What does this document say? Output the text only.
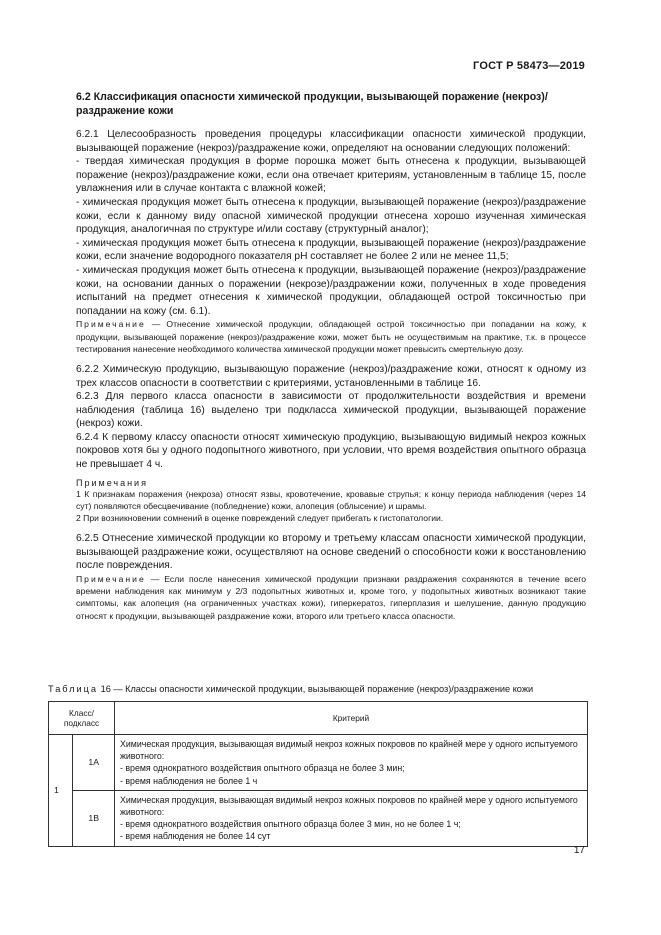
ГОСТ Р 58473—2019
6.2 Классификация опасности химической продукции, вызывающей поражение (некроз)/раздражение кожи

6.2.1 Целесообразность проведения процедуры классификации опасности химической продукции, вызывающей поражение (некроз)/раздражение кожи, определяют на основании следующих положений:

- твердая химическая продукция в форме порошка может быть отнесена к продукции, вызывающей поражение (некроз)/раздражение кожи, если она отвечает критериям, установленным в таблице 15, после увлажнения или в случае контакта с влажной кожей;

- химическая продукция может быть отнесена к продукции, вызывающей поражение (некроз)/раздражение кожи, если к данному виду опасной химической продукции отнесена хорошо изученная химическая продукция, аналогичная по структуре и/или составу (структурный аналог);

- химическая продукция может быть отнесена к продукции, вызывающей поражение (некроз)/раздражение кожи, если значение водородного показателя pH составляет не более 2 или не менее 11,5;

- химическая продукция может быть отнесена к продукции, вызывающей поражение (некроз)/раздражение кожи, на основании данных о поражении (некрозе)/раздражении кожи, полученных в ходе проведения испытаний на предмет отнесения к химической продукции, обладающей острой токсичностью при попадании на кожу (см. 6.1).

Примечание — Отнесение химической продукции, обладающей острой токсичностью при попадании на кожу, к продукции, вызывающей поражение (некроз)/раздражение кожи, может быть не осуществимым на практике, т.к. в процессе тестирования нанесение необходимого количества химической продукции может превысить смертельную дозу.

6.2.2 Химическую продукцию, вызывающую поражение (некроз)/раздражение кожи, относят к одному из трех классов опасности в соответствии с критериями, установленными в таблице 16.

6.2.3 Для первого класса опасности в зависимости от продолжительности воздействия и времени наблюдения (таблица 16) выделено три подкласса химической продукции, вызывающей поражение (некроз) кожи.

6.2.4 К первому классу опасности относят химическую продукцию, вызывающую видимый некроз кожных покровов хотя бы у одного подопытного животного, при условии, что время воздействия опытного образца не превышает 4 ч.

Примечания

1 К признакам поражения (некроза) относят язвы, кровотечение, кровавые струпья; к концу периода наблюдения (через 14 сут) появляются обесцвечивание (побледнение) кожи, алопеция (облысение) и шрамы.

2 При возникновении сомнений в оценке повреждений следует прибегать к гистопатологии.

6.2.5 Отнесение химической продукции ко второму и третьему классам опасности химической продукции, вызывающей раздражение кожи, осуществляют на основе сведений о способности кожи к восстановлению после повреждения.

Примечание — Если после нанесения химической продукции признаки раздражения сохраняются в течение всего времени наблюдения как минимум у 2/3 подопытных животных и, кроме того, у подопытных животных возникают такие симптомы, как алопеция (на ограниченных участках кожи), гиперкератоз, гиперплазия и шелушение, данную продукцию относят к продукции, вызывающей раздражение кожи, второго или третьего класса опасности.

Таблица 16 — Классы опасности химической продукции, вызывающей поражение (некроз)/раздражение кожи
Класс/ подкласс		Критерий
1	1А	Химическая продукция, вызывающая видимый некроз кожных покровов по крайней мере у одного испытуемого животного:

- время однократного воздействия опытного образца не более 3 мин;

- время наблюдения не более 1 ч

	1В	Химическая продукция, вызывающая видимый некроз кожных покровов по крайней мере у одного испытуемого животного:

- время однократного воздействия опытного образца более 3 мин, но не более 1 ч;

- время наблюдения не более 14 сут

17
